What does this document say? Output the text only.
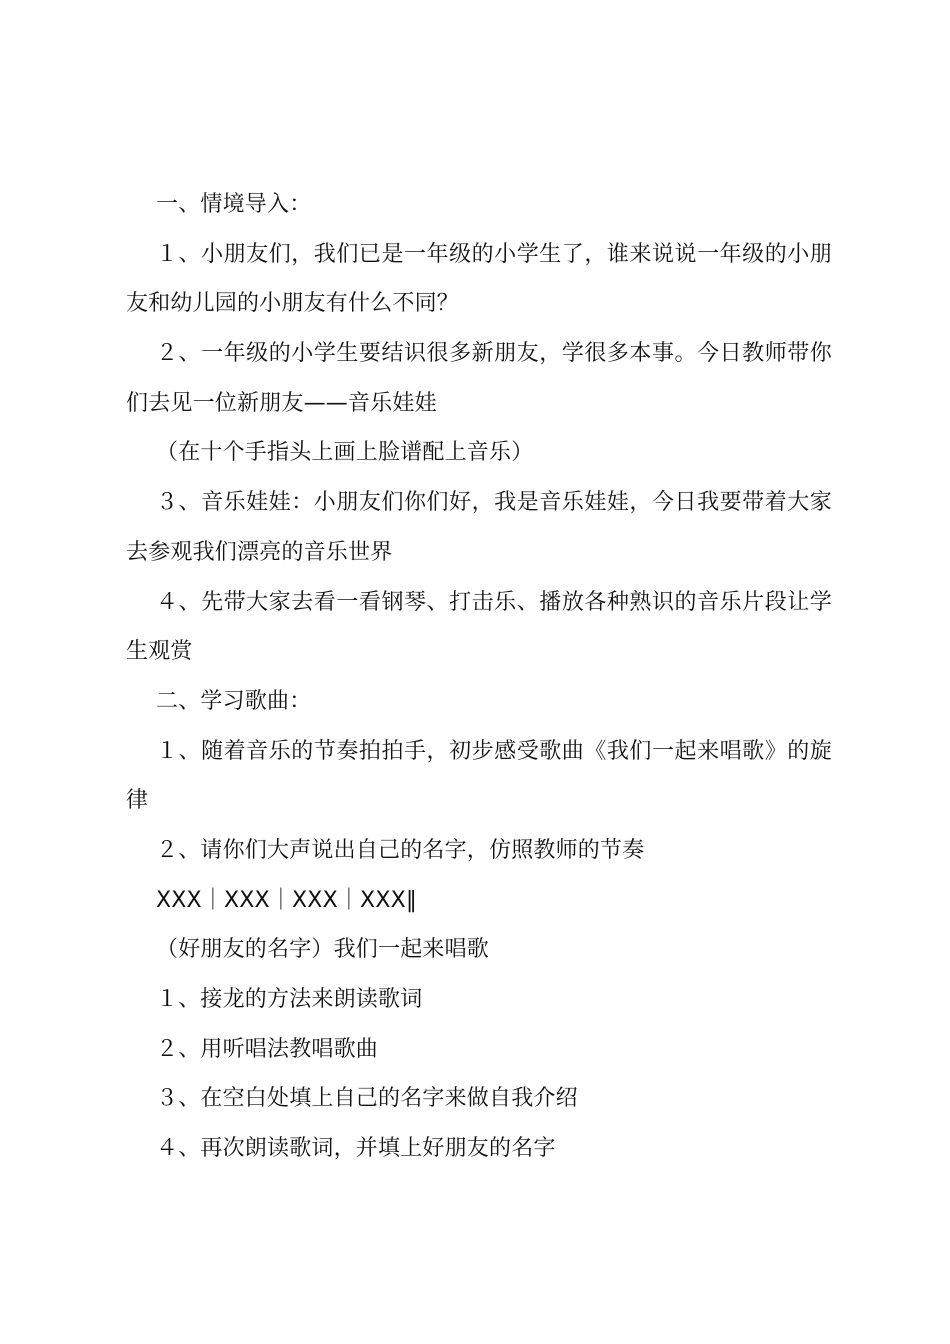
一、情境导入：

１、小朋友们，我们已是一年级的小学生了，谁来说说一年级的小朋

友和幼儿园的小朋友有什么不同？

２、一年级的小学生要结识很多新朋友，学很多本事。今日教师带你

们去见一位新朋友——音乐娃娃

（在十个手指头上画上脸谱配上音乐）

３、音乐娃娃：小朋友们你们好，我是音乐娃娃，今日我要带着大家

去参观我们漂亮的音乐世界

４、先带大家去看一看钢琴、打击乐、播放各种熟识的音乐片段让学

生观赏

二、学习歌曲：

１、随着音乐的节奏拍拍手，初步感受歌曲《我们一起来唱歌》的旋

律

２、请你们大声说出自己的名字，仿照教师的节奏

XXX｜XXX｜XXX｜XXX‖

（好朋友的名字）我们一起来唱歌

１、接龙的方法来朗读歌词

２、用听唱法教唱歌曲

３、在空白处填上自己的名字来做自我介绍

４、再次朗读歌词，并填上好朋友的名字
